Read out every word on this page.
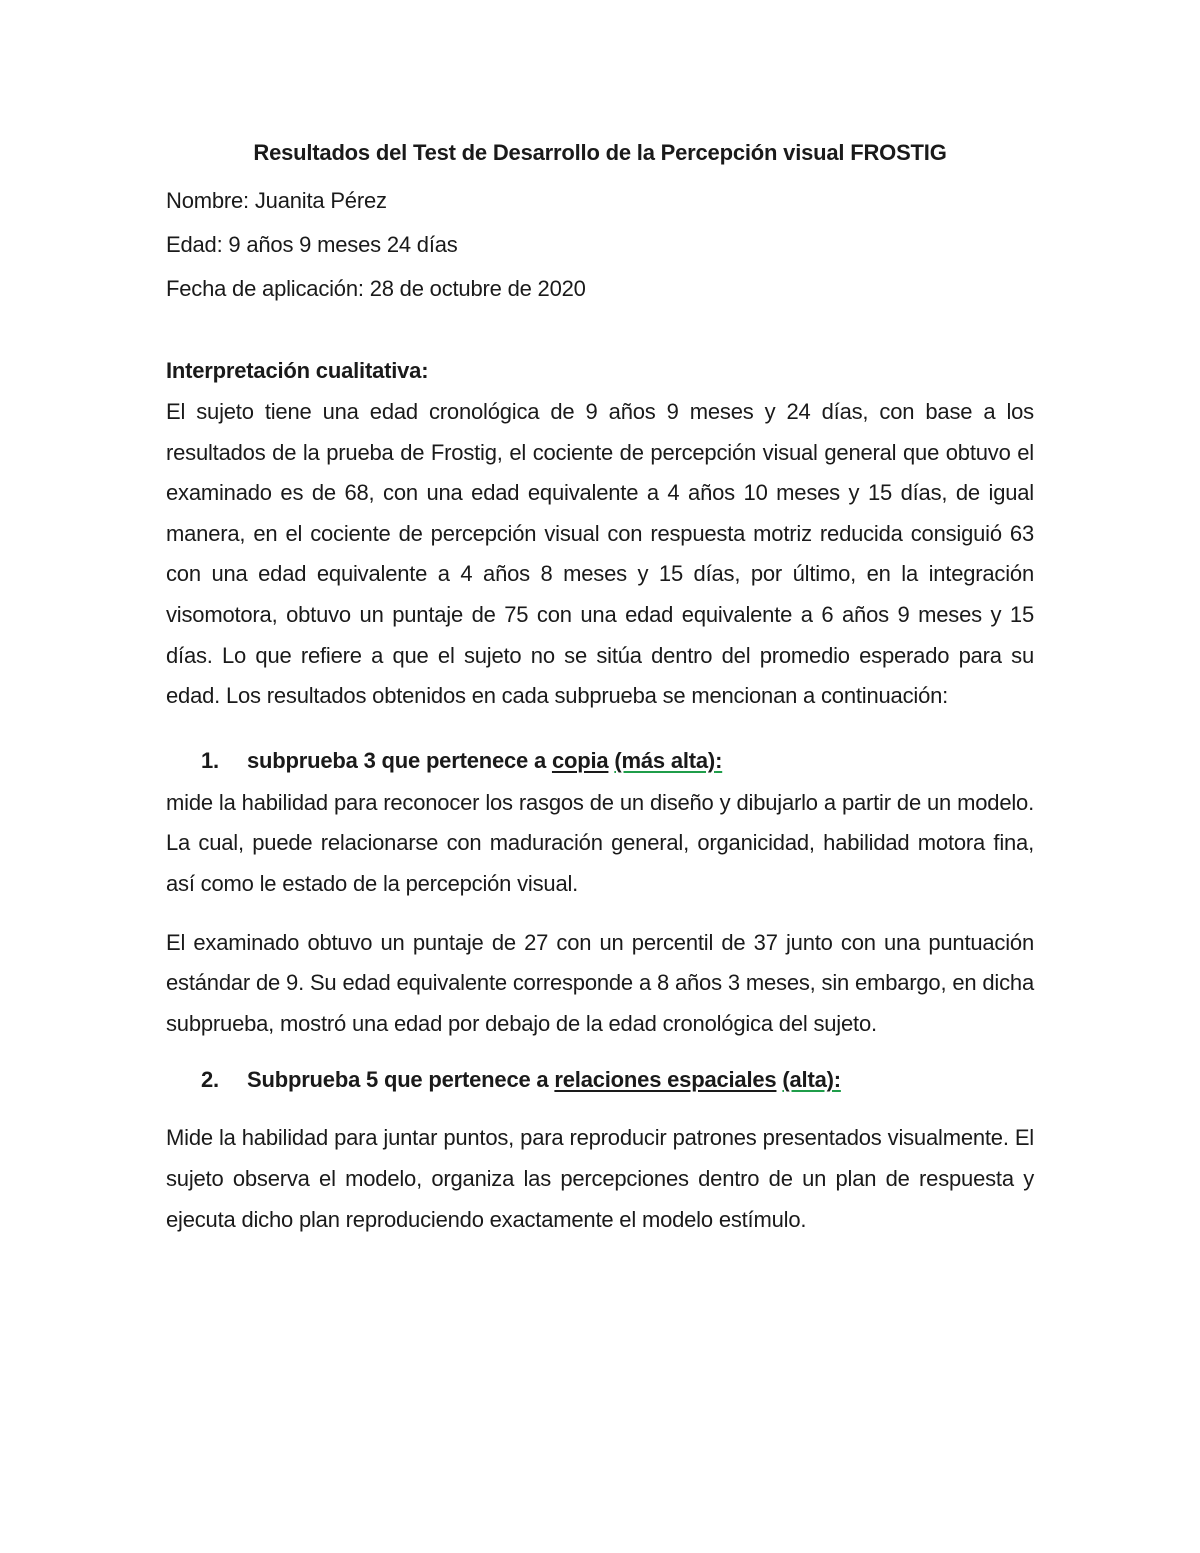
Resultados del Test de Desarrollo de la Percepción visual FROSTIG

Nombre: Juanita Pérez

Edad: 9 años 9 meses 24 días

Fecha de aplicación: 28 de octubre de 2020

Interpretación cualitativa:

El sujeto tiene una edad cronológica de 9 años 9 meses y 24 días, con base a los resultados de la prueba de Frostig, el cociente de percepción visual general que obtuvo el examinado es de 68, con una edad equivalente a 4 años 10 meses y 15 días, de igual manera, en el cociente de percepción visual con respuesta motriz reducida consiguió 63 con una edad equivalente a 4 años 8 meses y 15 días, por último, en la integración visomotora, obtuvo un puntaje de 75 con una edad equivalente a 6 años 9 meses y 15 días. Lo que refiere a que el sujeto no se sitúa dentro del promedio esperado para su edad. Los resultados obtenidos en cada subprueba se mencionan a continuación:

1.	subprueba 3 que pertenece a copia (más alta):

mide la habilidad para reconocer los rasgos de un diseño y dibujarlo a partir de un modelo. La cual, puede relacionarse con maduración general, organicidad, habilidad motora fina, así como le estado de la percepción visual.

El examinado obtuvo un puntaje de 27 con un percentil de 37 junto con una puntuación estándar de 9. Su edad equivalente corresponde a 8 años 3 meses, sin embargo, en dicha subprueba, mostró una edad por debajo de la edad cronológica del sujeto.

2.	Subprueba 5 que pertenece a relaciones espaciales (alta):

Mide la habilidad para juntar puntos, para reproducir patrones presentados visualmente. El sujeto observa el modelo, organiza las percepciones dentro de un plan de respuesta y ejecuta dicho plan reproduciendo exactamente el modelo estímulo.
